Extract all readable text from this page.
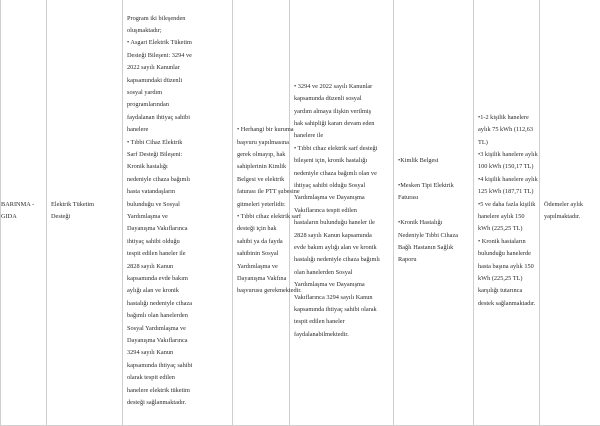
BARINMA -
GIDA

Elektrik Tüketim
Desteği

Program iki bileşenden
oluşmaktadır;
• Asgari Elektrik Tüketim
Desteği Bileşeni: 3294 ve
2022 sayılı Kanunlar
kapsamındaki düzenli
sosyal yardım
programlarından
faydalanan ihtiyaç sahibi
hanelere
• Tıbbi Cihaz Elektrik
Sarf Desteği Bileşeni:
Kronik hastalığı
nedeniyle cihaza bağımlı
hasta vatandaşların
bulunduğu ve Sosyal
Yardımlaşma ve
Dayanışma Vakıflarınca
ihtiyaç sahibi olduğu
tespit edilen haneler ile
2828 sayılı Kanun
kapsamında evde bakım
aylığı alan ve kronik
hastalığı nedeniyle cihaza
bağımlı olan hanelerden
Sosyal Yardımlaşma ve
Dayanışma Vakıflarınca
3294 sayılı Kanun
kapsamında ihtiyaç sahibi
olarak tespit edilen
hanelere elektrik tüketim
desteği sağlanmaktadır.

• Herhangi bir kuruma
başvuru yapılmasına
gerek olmayıp, hak
sahiplerinin Kimlik
Belgesi ve elektrik
faturası ile PTT şubesine
gitmeleri yeterlidir.
• Tıbbi cihaz elektrik sarf
desteği için hak
sahibi ya da fayda
sahibinin Sosyal
Yardımlaşma ve
Dayanışma Vakfına
başvurusu gerekmektedir.

• 3294 ve 2022 sayılı Kanunlar
kapsamında düzenli sosyal
yardım almaya ilişkin verilmiş
hak sahipliği kararı devam eden
hanelere ile
• Tıbbi cihaz elektrik sarf desteği
bileşeni için, kronik hastalığı
nedeniyle cihaza bağımlı olan ve
ihtiyaç sahibi olduğu Sosyal
Yardımlaşma ve Dayanışma
Vakıflarınca tespit edilen
hastaların bulunduğu haneler ile
2828 sayılı Kanun kapsamında
evde bakım aylığı alan ve kronik
hastalığı nedeniyle cihaza bağımlı
olan hanelerden Sosyal
Yardımlaşma ve Dayanışma
Vakıflarınca 3294 sayılı Kanun
kapsamında ihtiyaç sahibi olarak
tespit edilen haneler
faydalanabilmektedir.

•Kimlik Belgesi

•Mesken Tipi Elektrik
Faturası

•Kronik Hastalığı
Nedeniyle Tıbbi Cihaza
Bağlı Hastanın Sağlık
Raporu

•1-2 kişilik hanelere
aylık 75 kWh (112,63
TL)
•3 kişilik hanelere aylık
100 kWh (150,17 TL)
•4 kişilik hanelere aylık
125 kWh (187,71 TL)
•5 ve daha fazla kişilik
hanelere aylık 150
kWh (225,25 TL)
• Kronik hastaların
bulunduğu hanelerde
hasta başına aylık 150
kWh (225,25 TL)
karşılığı tutarınca
destek sağlanmaktadır.

Ödemeler aylık
yapılmaktadır.
